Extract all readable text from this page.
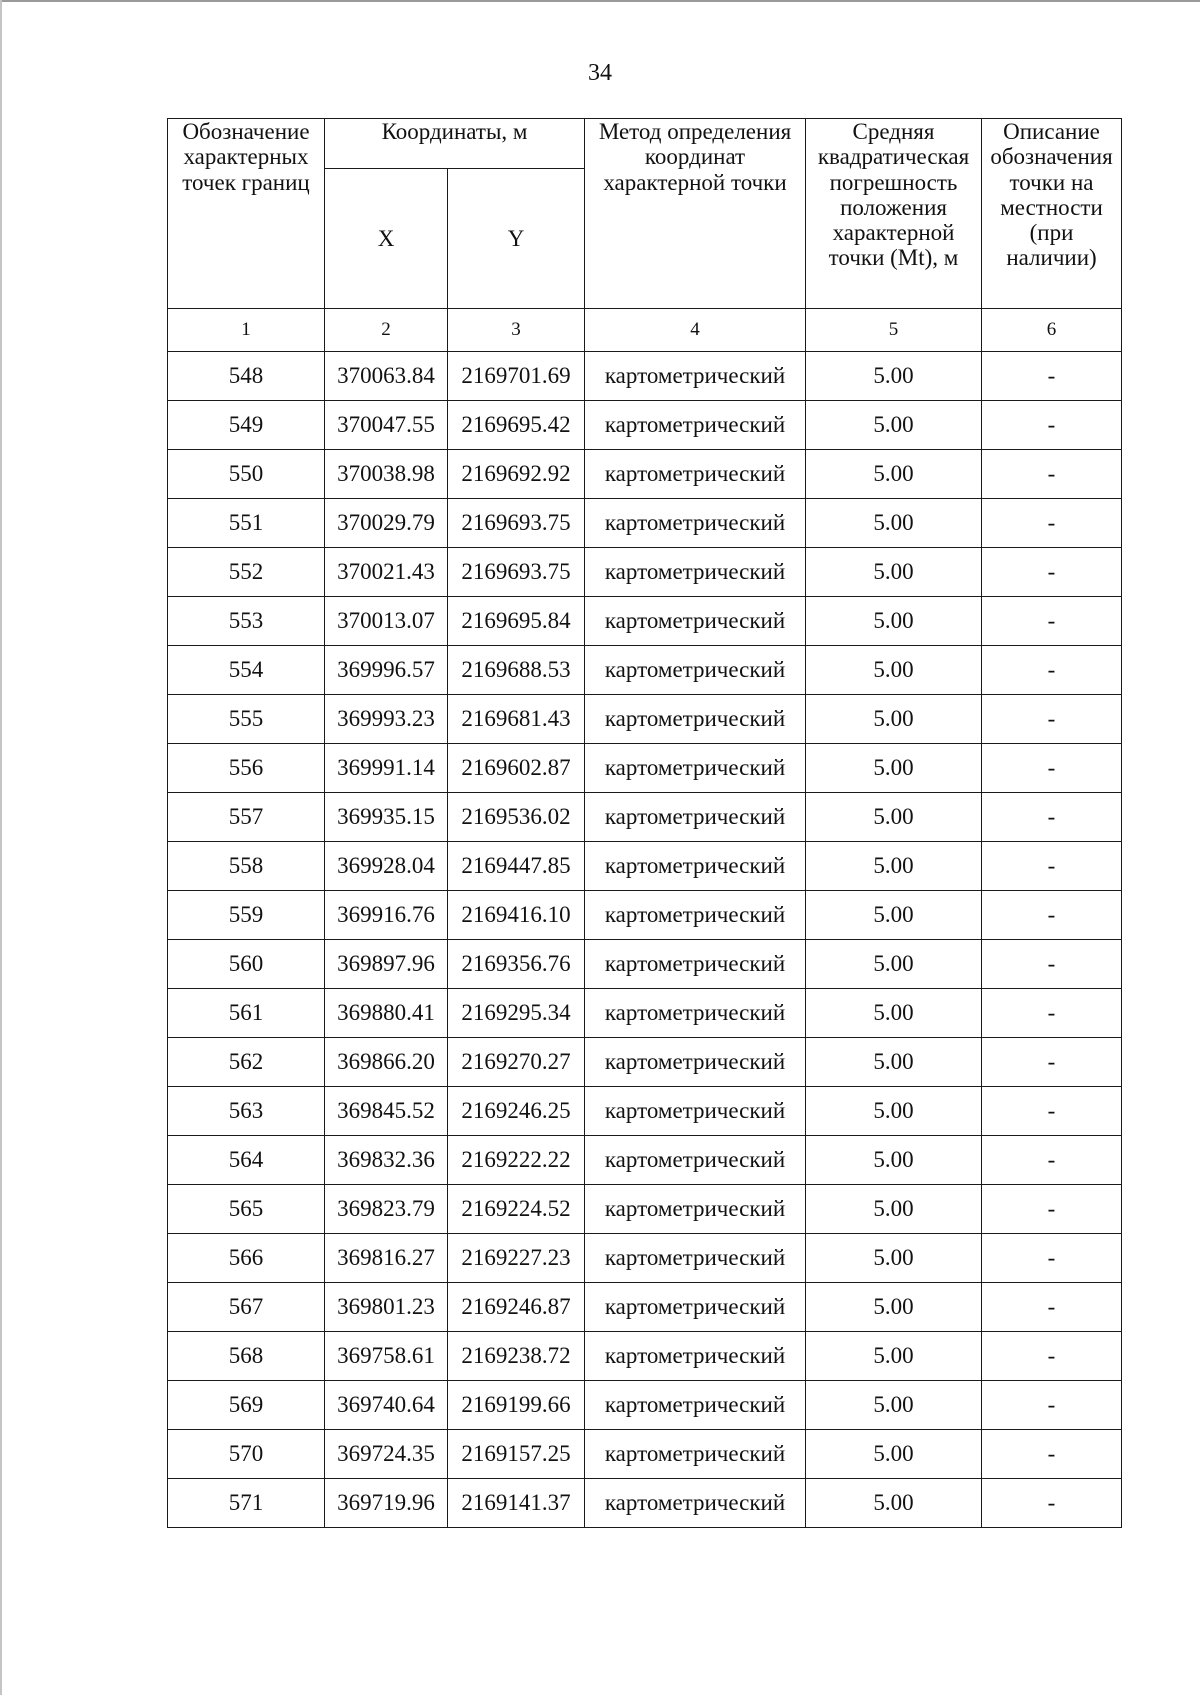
34
Обозначение характерных точек границ	Координаты, м		Метод определения координат характерной точки	Средняя квадратическая погрешность положения характерной точки (Mt), м	Описание обозначения точки на местности (при наличии)
	X	Y			
1	2	3	4	5	6
548	370063.84	2169701.69	картометрический	5.00	-
549	370047.55	2169695.42	картометрический	5.00	-
550	370038.98	2169692.92	картометрический	5.00	-
551	370029.79	2169693.75	картометрический	5.00	-
552	370021.43	2169693.75	картометрический	5.00	-
553	370013.07	2169695.84	картометрический	5.00	-
554	369996.57	2169688.53	картометрический	5.00	-
555	369993.23	2169681.43	картометрический	5.00	-
556	369991.14	2169602.87	картометрический	5.00	-
557	369935.15	2169536.02	картометрический	5.00	-
558	369928.04	2169447.85	картометрический	5.00	-
559	369916.76	2169416.10	картометрический	5.00	-
560	369897.96	2169356.76	картометрический	5.00	-
561	369880.41	2169295.34	картометрический	5.00	-
562	369866.20	2169270.27	картометрический	5.00	-
563	369845.52	2169246.25	картометрический	5.00	-
564	369832.36	2169222.22	картометрический	5.00	-
565	369823.79	2169224.52	картометрический	5.00	-
566	369816.27	2169227.23	картометрический	5.00	-
567	369801.23	2169246.87	картометрический	5.00	-
568	369758.61	2169238.72	картометрический	5.00	-
569	369740.64	2169199.66	картометрический	5.00	-
570	369724.35	2169157.25	картометрический	5.00	-
571	369719.96	2169141.37	картометрический	5.00	-
